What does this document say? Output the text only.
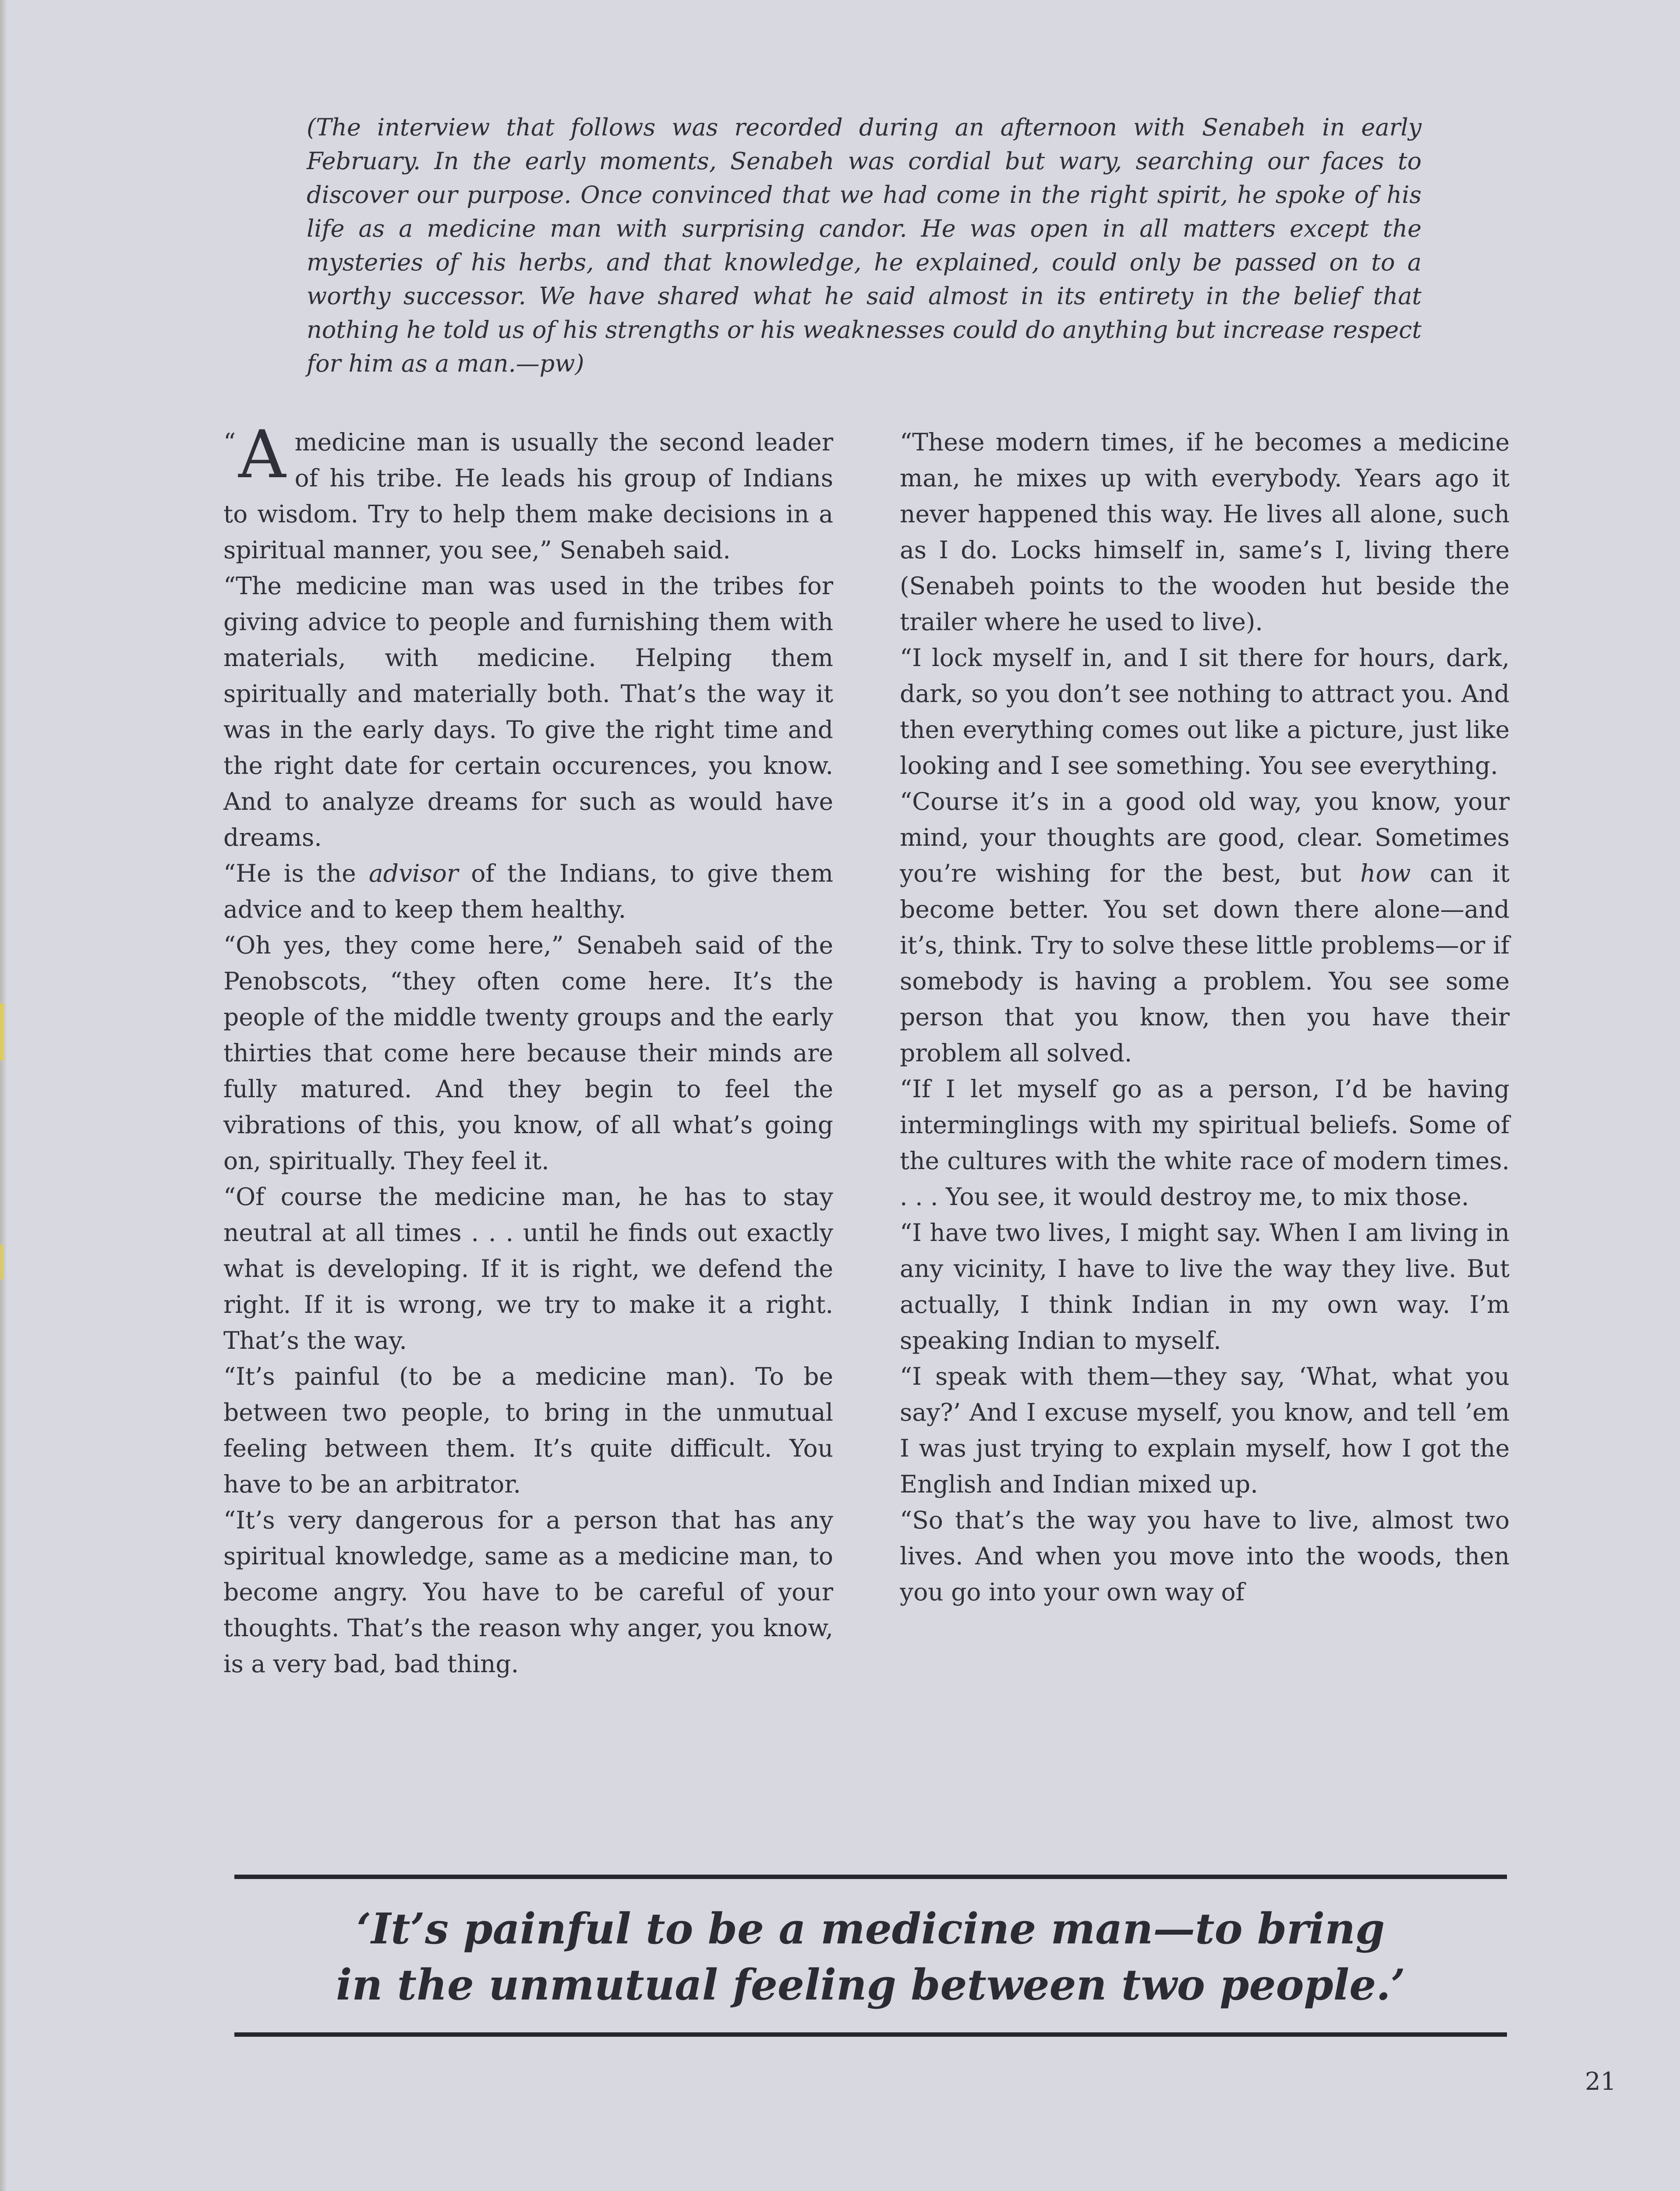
(The interview that follows was recorded during an afternoon with Senabeh in early February. In the early moments, Senabeh was cordial but wary, searching our faces to discover our purpose. Once convinced that we had come in the right spirit, he spoke of his life as a medicine man with surprising candor. He was open in all matters except the mysteries of his herbs, and that knowledge, he explained, could only be passed on to a worthy successor. We have shared what he said almost in its entirety in the belief that nothing he told us of his strengths or his weaknesses could do anything but increase respect for him as a man.—pw)

“ A medicine man is usually the second leader of his tribe. He leads his group of Indians to wisdom. Try to help them make decisions in a spiritual manner, you see,” Senabeh said.

“The medicine man was used in the tribes for giving advice to people and furnishing them with materials, with medicine. Helping them spiritually and materially both. That’s the way it was in the early days. To give the right time and the right date for certain occurences, you know. And to analyze dreams for such as would have dreams.

“He is the advisor of the Indians, to give them advice and to keep them healthy.

“Oh yes, they come here,” Senabeh said of the Penobscots, “they often come here. It’s the people of the middle twenty groups and the early thirties that come here because their minds are fully matured. And they begin to feel the vibrations of this, you know, of all what’s going on, spiritually. They feel it.

“Of course the medicine man, he has to stay neutral at all times . . . until he finds out exactly what is developing. If it is right, we defend the right. If it is wrong, we try to make it a right. That’s the way.

“It’s painful (to be a medicine man). To be between two people, to bring in the unmutual feeling between them. It’s quite difficult. You have to be an arbitrator.

“It’s very dangerous for a person that has any spiritual knowledge, same as a medicine man, to become angry. You have to be careful of your thoughts. That’s the reason why anger, you know, is a very bad, bad thing.

“These modern times, if he becomes a medicine man, he mixes up with everybody. Years ago it never happened this way. He lives all alone, such as I do. Locks himself in, same’s I, living there (Senabeh points to the wooden hut beside the trailer where he used to live).

“I lock myself in, and I sit there for hours, dark, dark, so you don’t see nothing to attract you. And then everything comes out like a picture, just like looking and I see something. You see everything.

“Course it’s in a good old way, you know, your mind, your thoughts are good, clear. Sometimes you’re wishing for the best, but how can it become better. You set down there alone—and it’s, think. Try to solve these little problems—or if somebody is having a problem. You see some person that you know, then you have their problem all solved.

“If I let myself go as a person, I’d be having interminglings with my spiritual beliefs. Some of the cultures with the white race of modern times. . . . You see, it would destroy me, to mix those.

“I have two lives, I might say. When I am living in any vicinity, I have to live the way they live. But actually, I think Indian in my own way. I’m speaking Indian to myself.

“I speak with them—they say, ‘What, what you say?’ And I excuse myself, you know, and tell ’em I was just trying to explain myself, how I got the English and Indian mixed up.

“So that’s the way you have to live, almost two lives. And when you move into the woods, then you go into your own way of

‘It’s painful to be a medicine man—to bring
in the unmutual feeling between two people.’
21
